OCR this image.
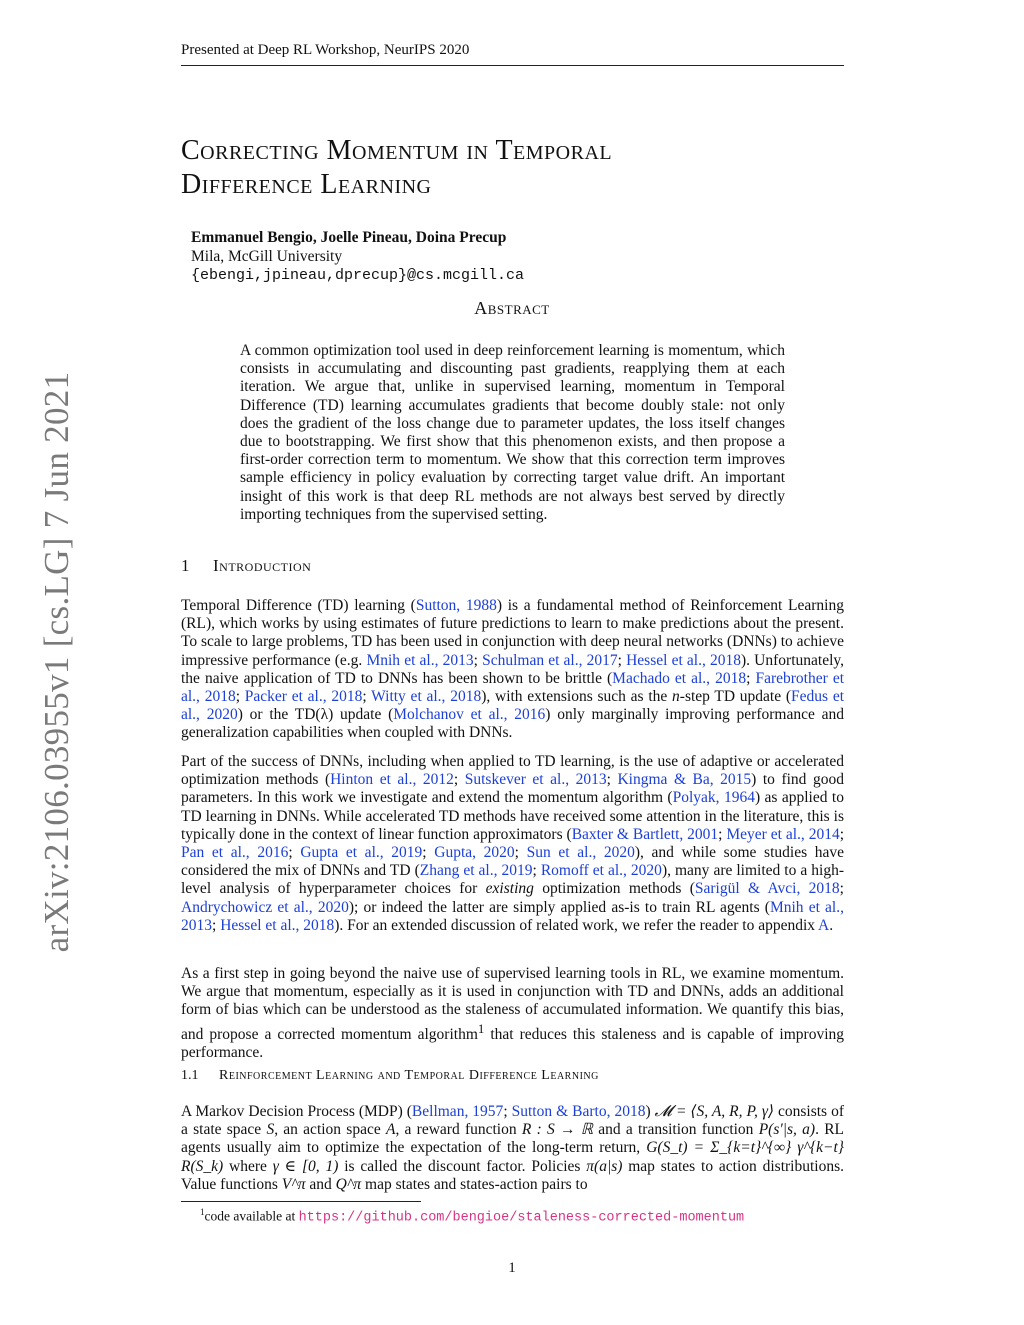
arXiv:2106.03955v1 [cs.LG] 7 Jun 2021
Presented at Deep RL Workshop, NeurIPS 2020
Correcting Momentum in Temporal
Difference Learning
Emmanuel Bengio, Joelle Pineau, Doina Precup
Mila, McGill University
{ebengi,jpineau,dprecup}@cs.mcgill.ca
Abstract

A common optimization tool used in deep reinforcement learning is momentum, which consists in accumulating and discounting past gradients, reapplying them at each iteration. We argue that, unlike in supervised learning, momentum in Temporal Difference (TD) learning accumulates gradients that become doubly stale: not only does the gradient of the loss change due to parameter updates, the loss itself changes due to bootstrapping. We first show that this phenomenon exists, and then propose a first-order correction term to momentum. We show that this correction term improves sample efficiency in policy evaluation by correcting target value drift. An important insight of this work is that deep RL methods are not always best served by directly importing techniques from the supervised setting.

1 Introduction

Temporal Difference (TD) learning (Sutton, 1988) is a fundamental method of Reinforcement Learning (RL), which works by using estimates of future predictions to learn to make predictions about the present. To scale to large problems, TD has been used in conjunction with deep neural networks (DNNs) to achieve impressive performance (e.g. Mnih et al., 2013; Schulman et al., 2017; Hessel et al., 2018). Unfortunately, the naive application of TD to DNNs has been shown to be brittle (Machado et al., 2018; Farebrother et al., 2018; Packer et al., 2018; Witty et al., 2018), with extensions such as the n-step TD update (Fedus et al., 2020) or the TD(λ) update (Molchanov et al., 2016) only marginally improving performance and generalization capabilities when coupled with DNNs.

Part of the success of DNNs, including when applied to TD learning, is the use of adaptive or accelerated optimization methods (Hinton et al., 2012; Sutskever et al., 2013; Kingma & Ba, 2015) to find good parameters. In this work we investigate and extend the momentum algorithm (Polyak, 1964) as applied to TD learning in DNNs. While accelerated TD methods have received some attention in the literature, this is typically done in the context of linear function approximators (Baxter & Bartlett, 2001; Meyer et al., 2014; Pan et al., 2016; Gupta et al., 2019; Gupta, 2020; Sun et al., 2020), and while some studies have considered the mix of DNNs and TD (Zhang et al., 2019; Romoff et al., 2020), many are limited to a high-level analysis of hyperparameter choices for existing optimization methods (Sarigül & Avci, 2018; Andrychowicz et al., 2020); or indeed the latter are simply applied as-is to train RL agents (Mnih et al., 2013; Hessel et al., 2018). For an extended discussion of related work, we refer the reader to appendix A.

As a first step in going beyond the naive use of supervised learning tools in RL, we examine momentum. We argue that momentum, especially as it is used in conjunction with TD and DNNs, adds an additional form of bias which can be understood as the staleness of accumulated information. We quantify this bias, and propose a corrected momentum algorithm$^1$ that reduces this staleness and is capable of improving performance.

1.1 Reinforcement Learning and Temporal Difference Learning

A Markov Decision Process (MDP) (Bellman, 1957; Sutton & Barto, 2018) 𝓜 = ⟨S, A, R, P, γ⟩ consists of a state space S, an action space A, a reward function R : S → ℝ and a transition function P(s′|s, a). RL agents usually aim to optimize the expectation of the long-term return, G(S_t) = Σ_{k=t}^{∞} γ^{k−t} R(S_k) where γ ∈ [0, 1) is called the discount factor. Policies π(a|s) map states to action distributions. Value functions V^π and Q^π map states and states-action pairs to

$^1$code available at https://github.com/bengioe/staleness-corrected-momentum
1
